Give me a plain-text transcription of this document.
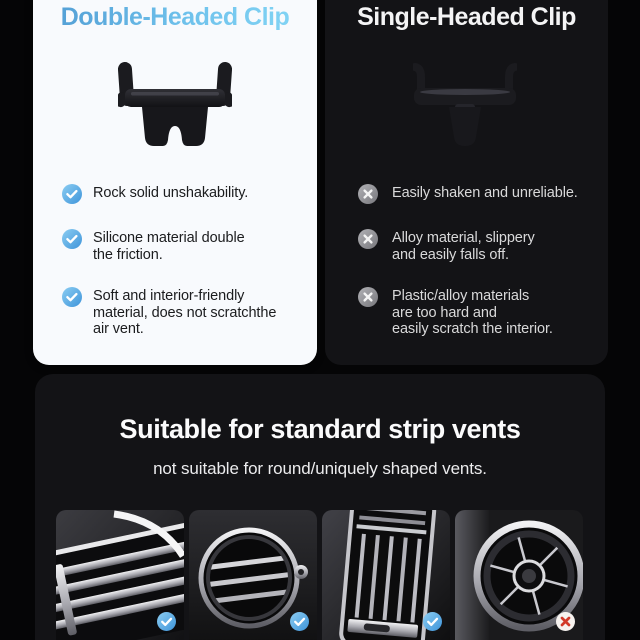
Double-Headed Clip
Rock solid unshakability.
Silicone material double
the friction.
Soft and interior-friendly
material, does not scratchthe
air vent.
Single-Headed Clip
Easily shaken and unreliable.
Alloy material, slippery
and easily falls off.
Plastic/alloy materials
are too hard and
easily scratch the interior.
Suitable for standard strip vents

not suitable for round/uniquely shaped vents.
